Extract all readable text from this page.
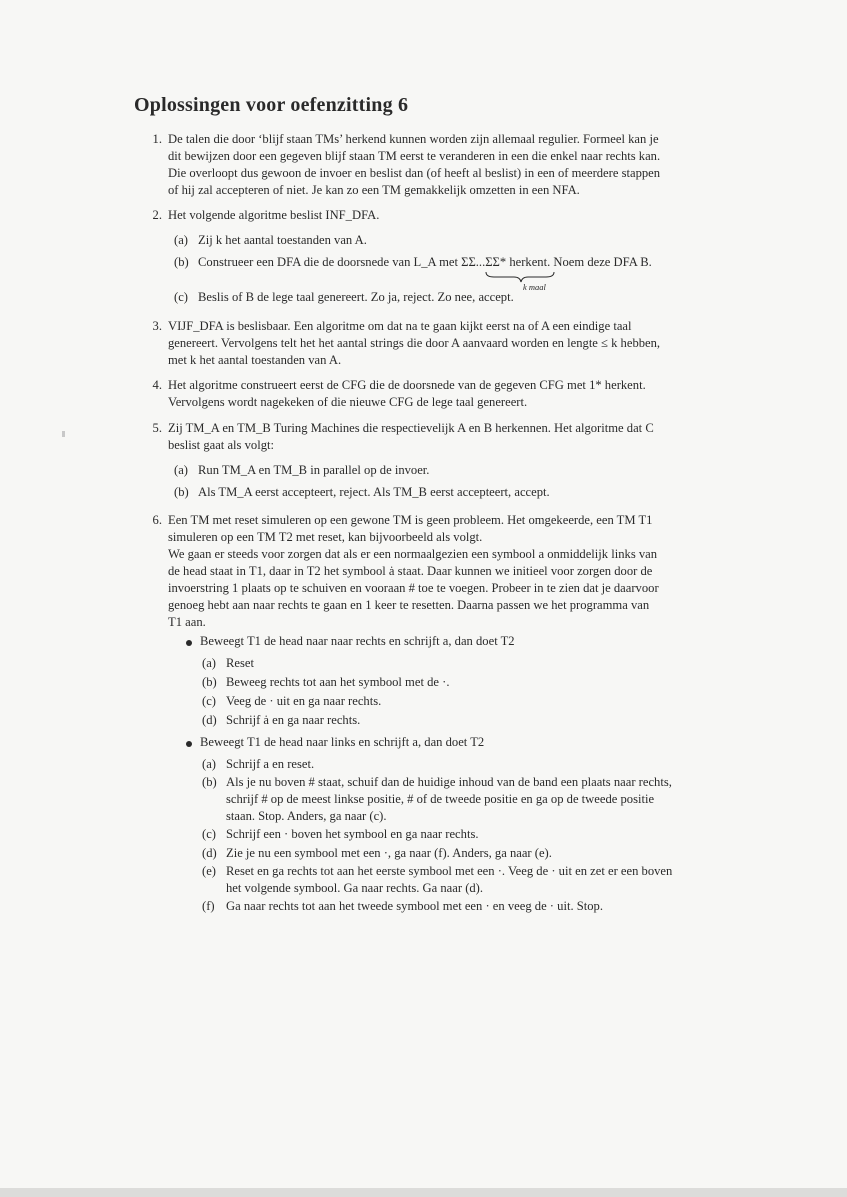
Oplossingen voor oefenzitting 6
1. De talen die door ‘blijf staan TMs’ herkend kunnen worden zijn allemaal regulier. Formeel kan je
dit bewijzen door een gegeven blijf staan TM eerst te veranderen in een die enkel naar rechts kan.
Die overloopt dus gewoon de invoer en beslist dan (of heeft al beslist) in een of meerdere stappen
of hij zal accepteren of niet. Je kan zo een TM gemakkelijk omzetten in een NFA.
2. Het volgende algoritme beslist INF_DFA.
(a) Zij k het aantal toestanden van A.
(b) Construeer een DFA die de doorsnede van L_A met ΣΣ...ΣΣ* herkent. Noem deze DFA B.
k maal
(c) Beslis of B de lege taal genereert. Zo ja, reject. Zo nee, accept.
3. VIJF_DFA is beslisbaar. Een algoritme om dat na te gaan kijkt eerst na of A een eindige taal
genereert. Vervolgens telt het het aantal strings die door A aanvaard worden en lengte ≤ k hebben,
met k het aantal toestanden van A.
4. Het algoritme construeert eerst de CFG die de doorsnede van de gegeven CFG met 1* herkent.
Vervolgens wordt nagekeken of die nieuwe CFG de lege taal genereert.
5. Zij TM_A en TM_B Turing Machines die respectievelijk A en B herkennen. Het algoritme dat C
beslist gaat als volgt:
(a) Run TM_A en TM_B in parallel op de invoer.
(b) Als TM_A eerst accepteert, reject. Als TM_B eerst accepteert, accept.
6. Een TM met reset simuleren op een gewone TM is geen probleem. Het omgekeerde, een TM T1
simuleren op een TM T2 met reset, kan bijvoorbeeld als volgt.
We gaan er steeds voor zorgen dat als er een normaalgezien een symbool a onmiddelijk links van
de head staat in T1, daar in T2 het symbool ȧ staat. Daar kunnen we initieel voor zorgen door de
invoerstring 1 plaats op te schuiven en vooraan # toe te voegen. Probeer in te zien dat je daarvoor
genoeg hebt aan naar rechts te gaan en 1 keer te resetten. Daarna passen we het programma van
T1 aan.
Beweegt T1 de head naar naar rechts en schrijft a, dan doet T2
(a) Reset
(b) Beweeg rechts tot aan het symbool met de ·.
(c) Veeg de · uit en ga naar rechts.
(d) Schrijf ȧ en ga naar rechts.
Beweegt T1 de head naar links en schrijft a, dan doet T2
(a) Schrijf a en reset.
(b) Als je nu boven # staat, schuif dan de huidige inhoud van de band een plaats naar rechts,
schrijf # op de meest linkse positie, # of de tweede positie en ga op de tweede positie
staan. Stop. Anders, ga naar (c).
(c) Schrijf een · boven het symbool en ga naar rechts.
(d) Zie je nu een symbool met een ·, ga naar (f). Anders, ga naar (e).
(e) Reset en ga rechts tot aan het eerste symbool met een ·. Veeg de · uit en zet er een boven
het volgende symbool. Ga naar rechts. Ga naar (d).
(f) Ga naar rechts tot aan het tweede symbool met een · en veeg de · uit. Stop.
